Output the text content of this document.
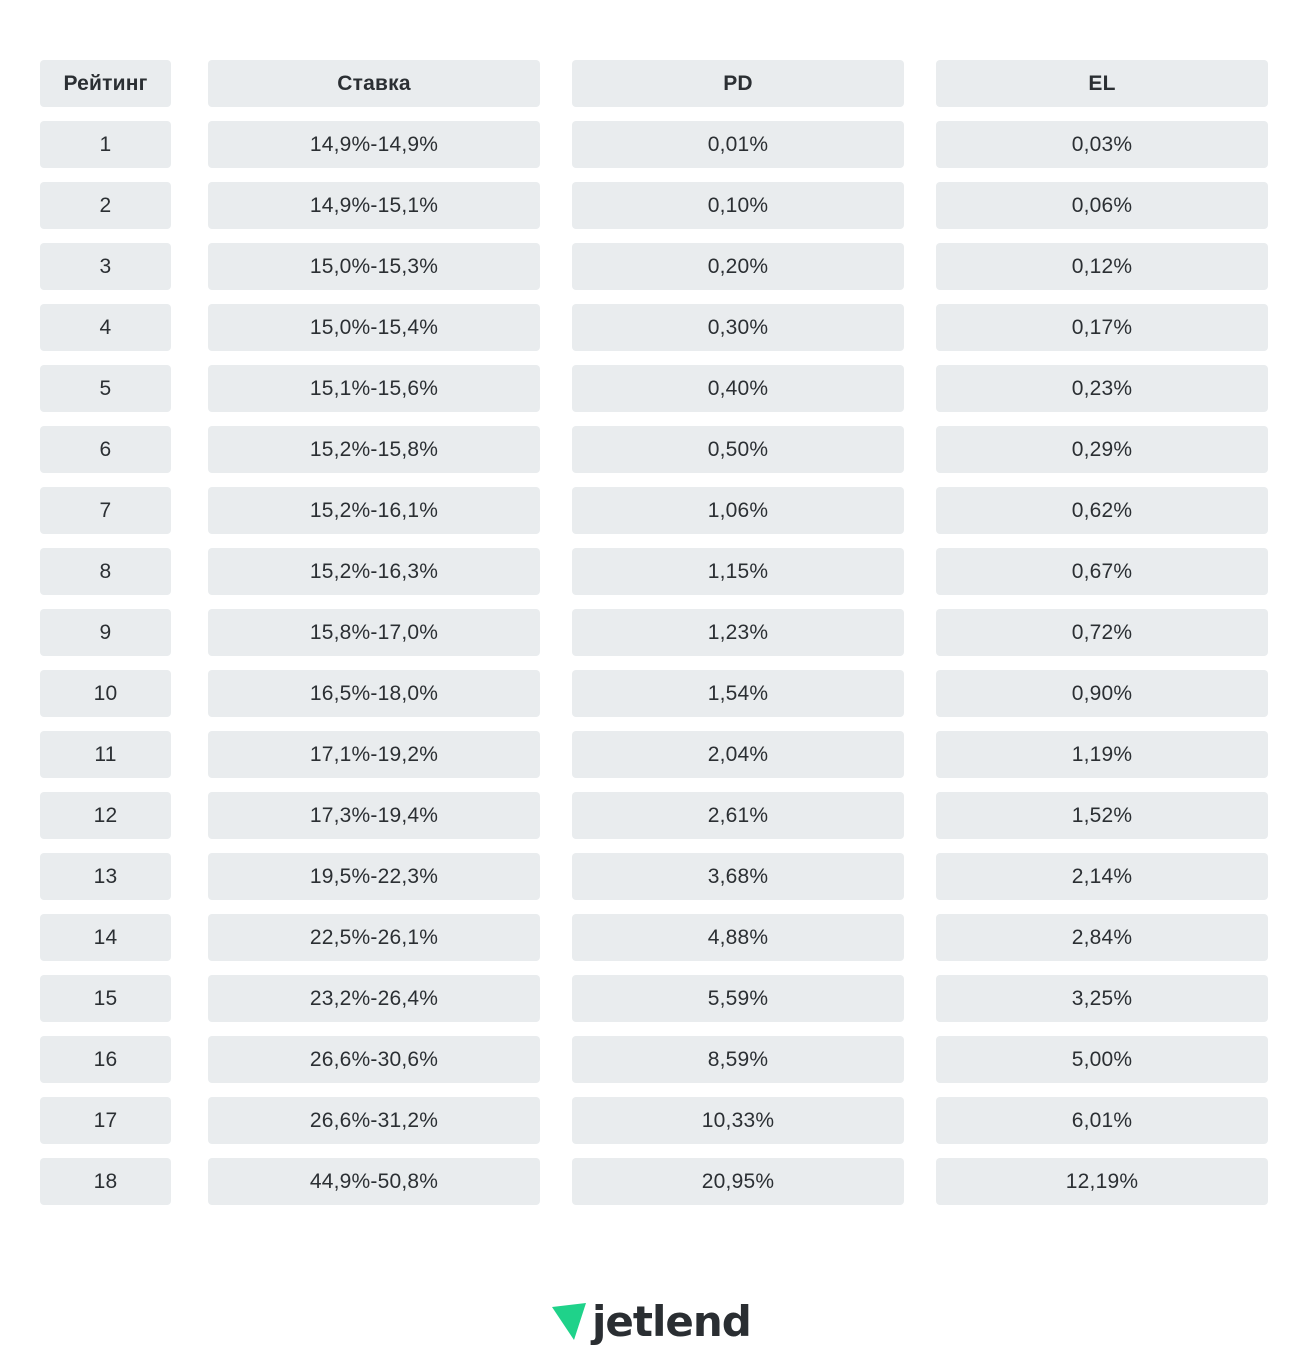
Рейтинг	Ставка	PD	EL
1	14,9%-14,9%	0,01%	0,03%
2	14,9%-15,1%	0,10%	0,06%
3	15,0%-15,3%	0,20%	0,12%
4	15,0%-15,4%	0,30%	0,17%
5	15,1%-15,6%	0,40%	0,23%
6	15,2%-15,8%	0,50%	0,29%
7	15,2%-16,1%	1,06%	0,62%
8	15,2%-16,3%	1,15%	0,67%
9	15,8%-17,0%	1,23%	0,72%
10	16,5%-18,0%	1,54%	0,90%
11	17,1%-19,2%	2,04%	1,19%
12	17,3%-19,4%	2,61%	1,52%
13	19,5%-22,3%	3,68%	2,14%
14	22,5%-26,1%	4,88%	2,84%
15	23,2%-26,4%	5,59%	3,25%
16	26,6%-30,6%	8,59%	5,00%
17	26,6%-31,2%	10,33%	6,01%
18	44,9%-50,8%	20,95%	12,19%
jetlend
